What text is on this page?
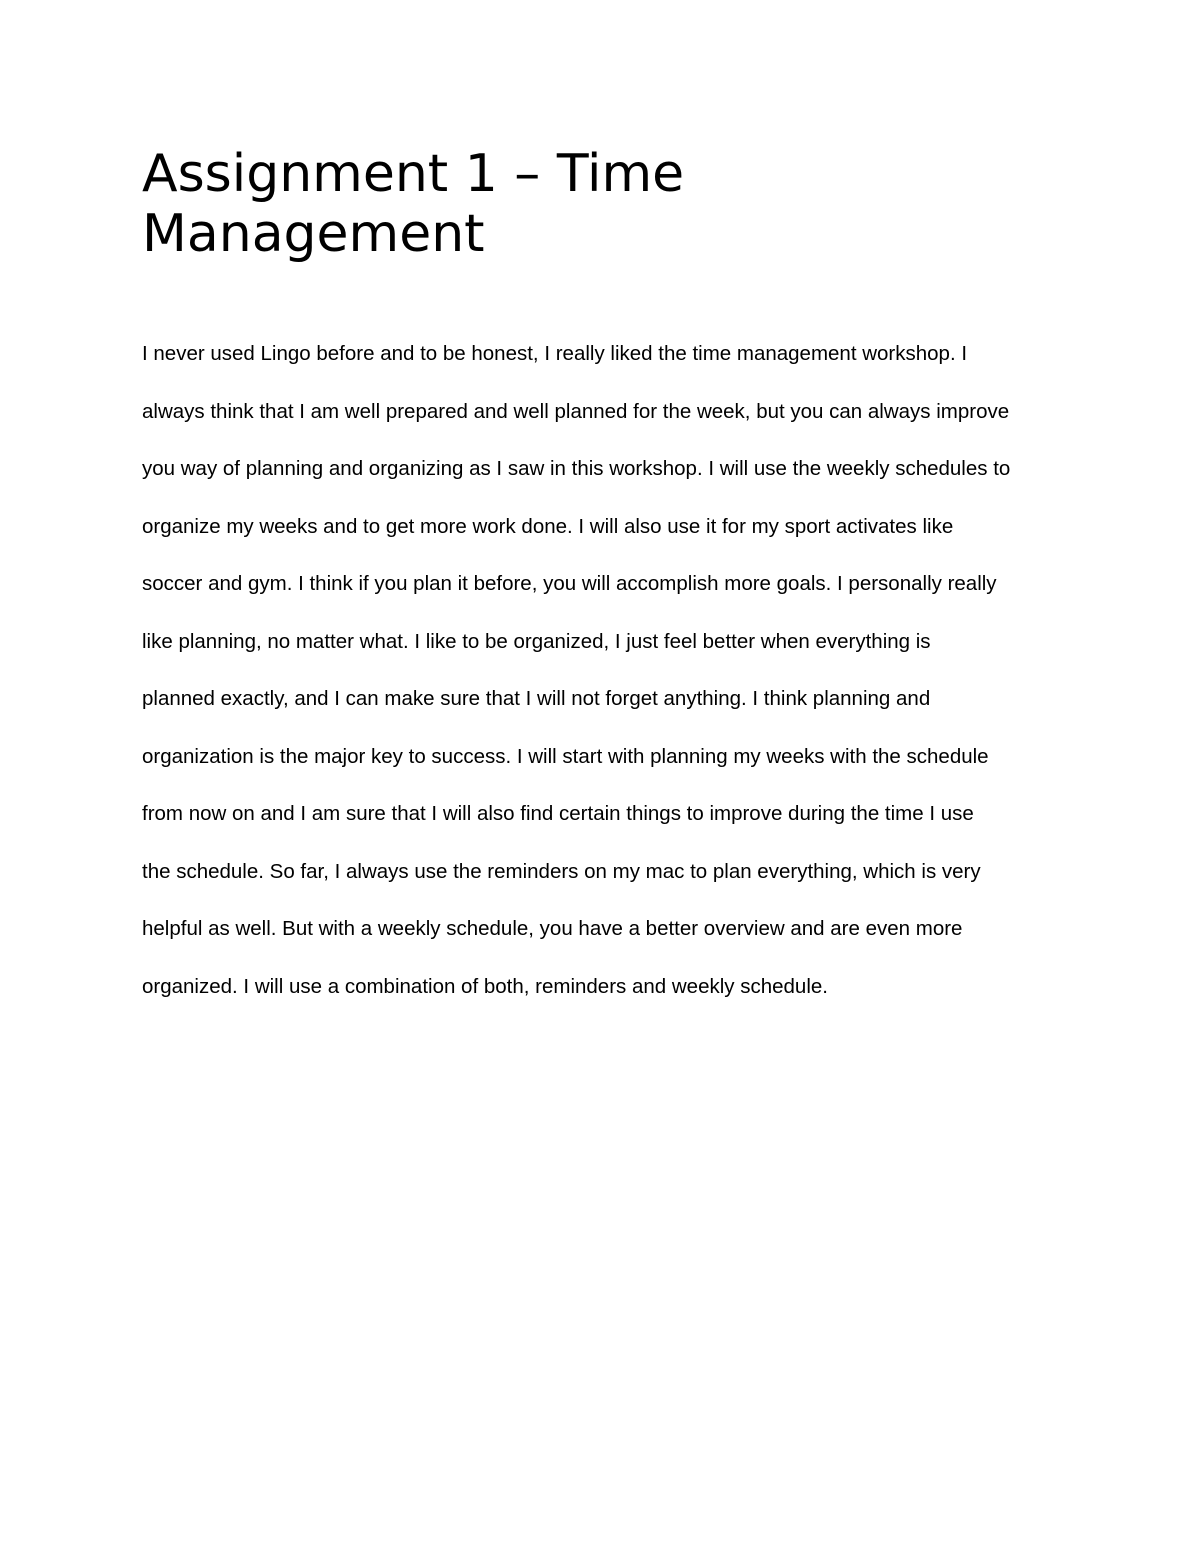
Assignment 1 – Time Management
I never used Lingo before and to be honest, I really liked the time management workshop. I
always think that I am well prepared and well planned for the week, but you can always improve
you way of planning and organizing as I saw in this workshop. I will use the weekly schedules to
organize my weeks and to get more work done. I will also use it for my sport activates like
soccer and gym. I think if you plan it before, you will accomplish more goals. I personally really
like planning, no matter what. I like to be organized, I just feel better when everything is
planned exactly, and I can make sure that I will not forget anything. I think planning and
organization is the major key to success. I will start with planning my weeks with the schedule
from now on and I am sure that I will also find certain things to improve during the time I use
the schedule. So far, I always use the reminders on my mac to plan everything, which is very
helpful as well. But with a weekly schedule, you have a better overview and are even more
organized. I will use a combination of both, reminders and weekly schedule.
